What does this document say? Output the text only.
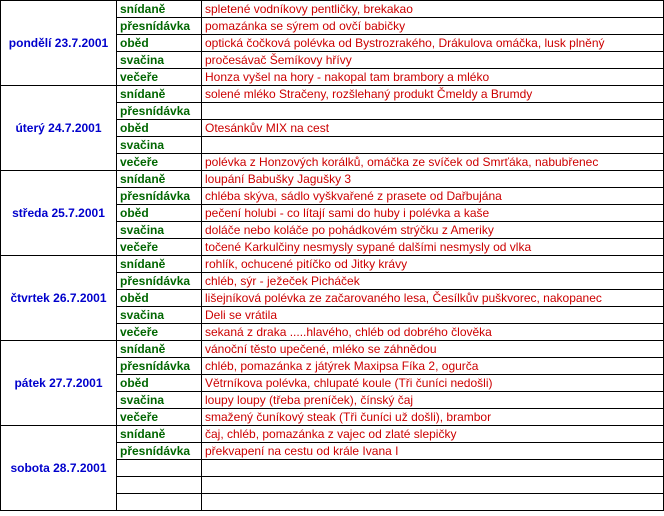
pondělí 23.7.2001	snídaně	spletené vodníkovy pentličky, brekakao
	přesnídávka	pomazánka se sýrem od ovčí babičky
	oběd	optická čočková polévka od Bystrozrakého, Drákulova omáčka, lusk plněný
	svačina	pročesávač Šemíkovy hřívy
	večeře	Honza vyšel na hory - nakopal tam brambory a mléko
úterý 24.7.2001	snídaně	solené mléko Stračeny, rozšlehaný produkt Čmeldy a Brumdy
	přesnídávka	
	oběd	Otesánkův MIX na cest
	svačina	
	večeře	polévka z Honzových korálků, omáčka ze svíček od Smrťáka, nabubřenec
středa 25.7.2001	snídaně	loupání Babušky Jagušky 3
	přesnídávka	chléba skýva, sádlo vyškvařené z prasete od Dařbujána
	oběd	pečení holubi - co lítají sami do huby i polévka a kaše
	svačina	doláče nebo koláče po pohádkovém strýčku z Ameriky
	večeře	točené Karkulčiny nesmysly sypané dalšími nesmysly od vlka
čtvrtek 26.7.2001	snídaně	rohlík, ochucené pitíčko od Jitky krávy
	přesnídávka	chléb, sýr - ježeček Picháček
	oběd	lišejníková polévka ze začarovaného lesa, Česílkův puškvorec, nakopanec
	svačina	Deli se vrátila
	večeře	sekaná z draka .....hlavého, chléb od dobrého člověka
pátek 27.7.2001	snídaně	vánoční těsto upečené, mléko se záhnědou
	přesnídávka	chléb, pomazánka z játýrek Maxipsa Fíka 2, ogurča
	oběd	Větrníkova polévka, chlupaté koule (Tři čuníci nedošli)
	svačina	loupy loupy (třeba preníček), čínský čaj
	večeře	smažený čuníkový steak (Tři čuníci už došli), brambor
sobota 28.7.2001	snídaně	čaj, chléb, pomazánka z vajec od zlaté slepičky
	přesnídávka	překvapení na cestu od krále Ivana I
